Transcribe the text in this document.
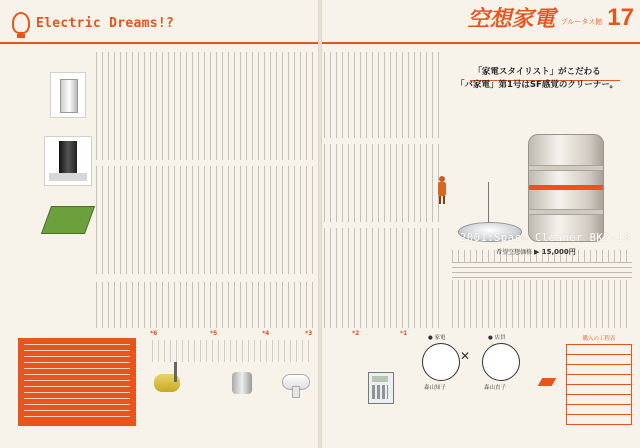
Electric Dreams!?
*6	*5	*4	*3
空想家電 プルータス館 17
「家電スタイリスト」がこだわる
「バ家電」第1号はSF感覚のクリーナー。
2001:Space Cleaner BKD-18
希望空想価格 ▶ 15,000円
*2	*1
● 家電
森山知子
✕
● 店員
森山直子
購入の工程表
